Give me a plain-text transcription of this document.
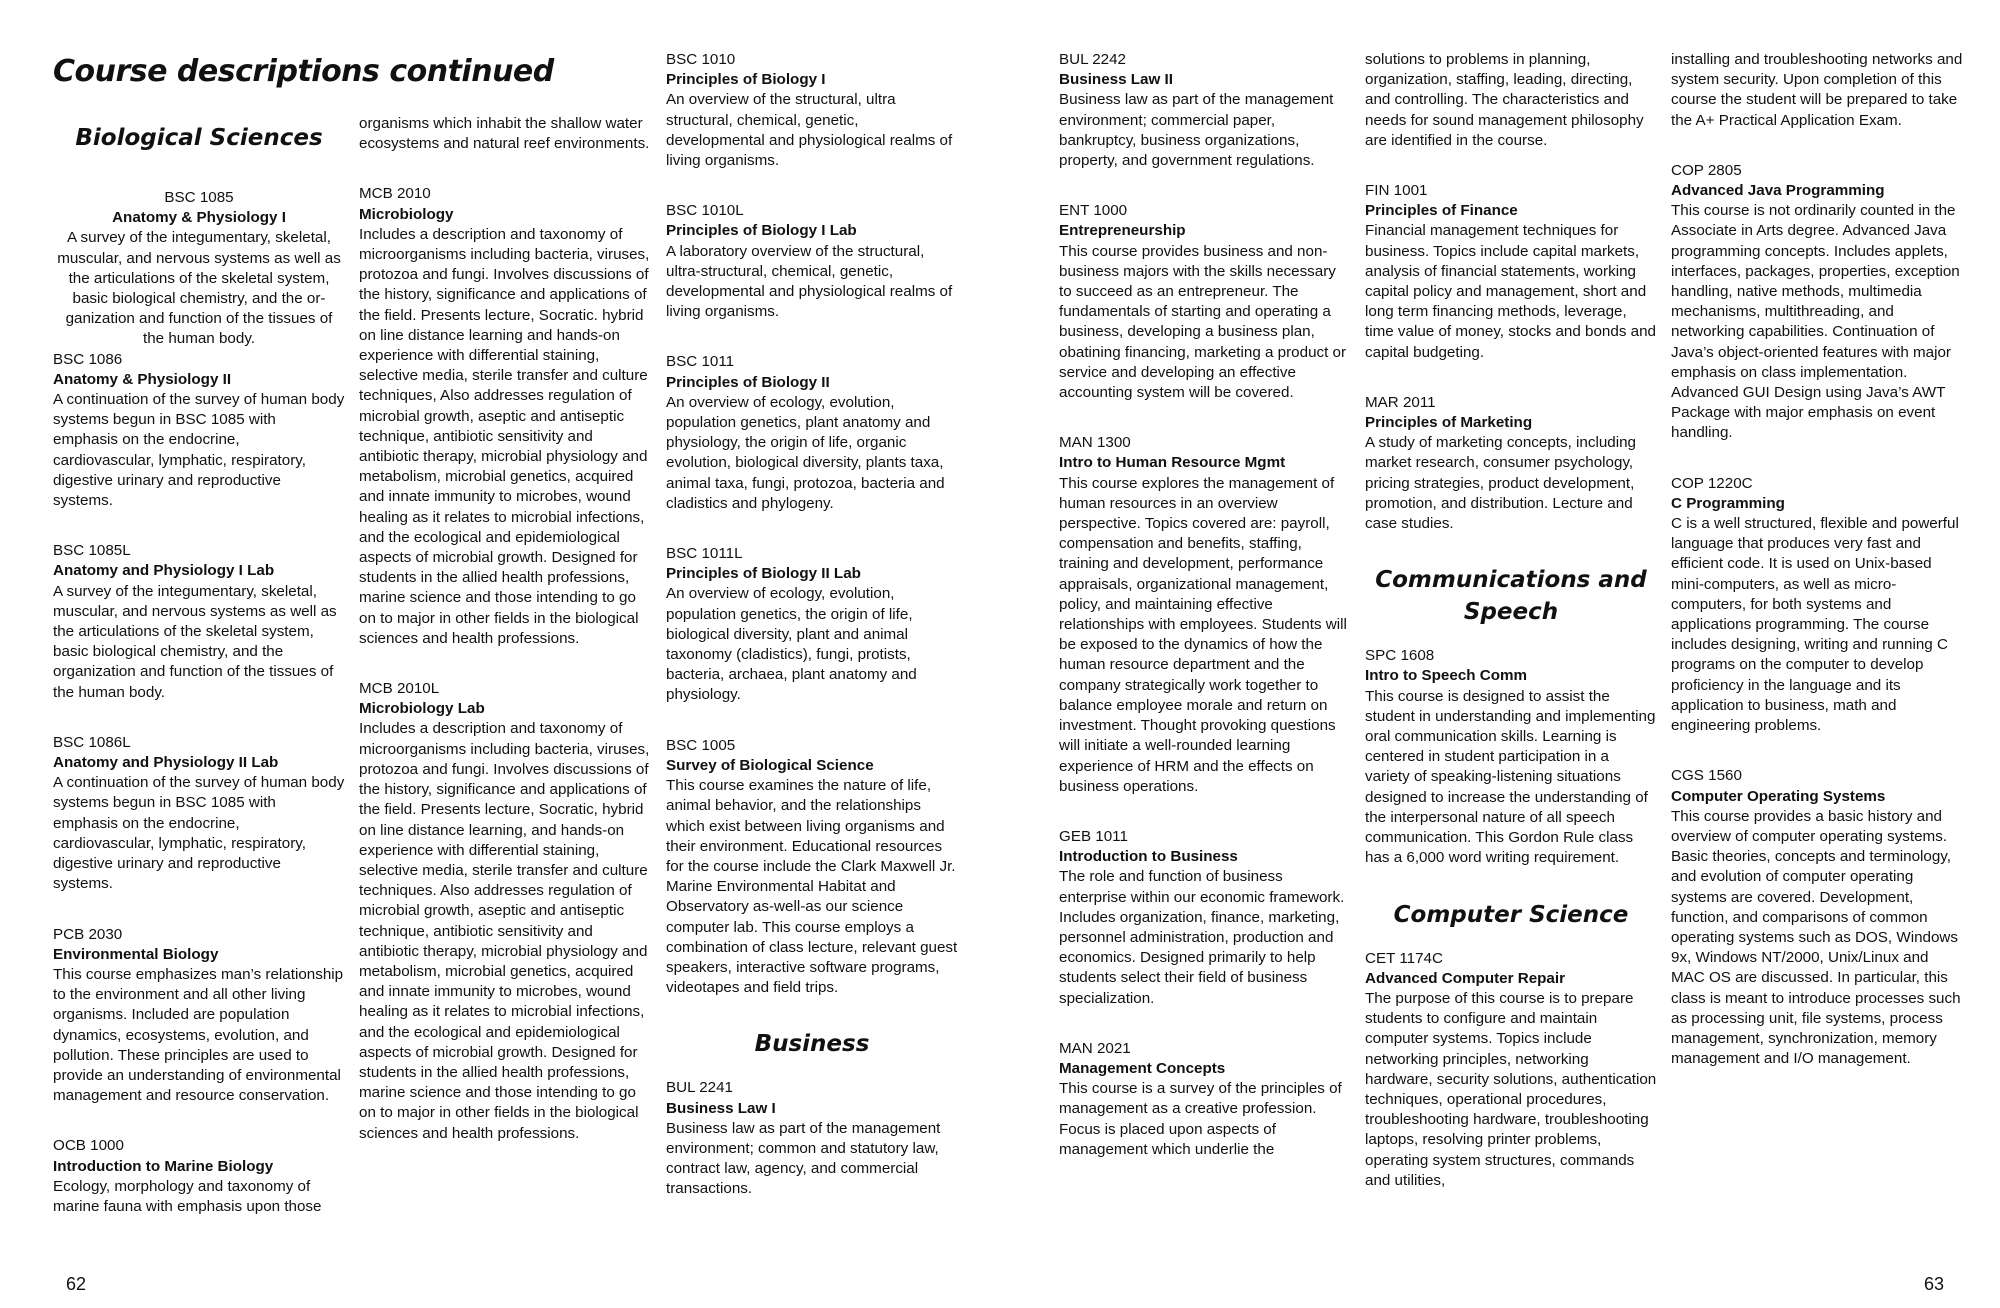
Course descriptions continued
Biological Sciences
BSC 1085
Anatomy & Physiology I
A survey of the integumentary, skeletal, muscular, and nervous systems as well as the articulations of the skeletal system, basic biological chemistry, and the or-ganization and function of the tissues of the human body.
BSC 1086
Anatomy & Physiology II
A continuation of the survey of human body systems begun in BSC 1085 with emphasis on the endocrine, cardiovascular, lymphatic, respiratory, digestive urinary and reproductive systems.
BSC 1085L
Anatomy and Physiology I Lab
A survey of the integumentary, skeletal, muscular, and nervous systems as well as the articulations of the skeletal system, basic biological chemistry, and the organization and function of the tissues of the human body.
BSC 1086L
Anatomy and Physiology II Lab
A continuation of the survey of human body systems begun in BSC 1085 with emphasis on the endocrine, cardiovascular, lymphatic, respiratory, digestive urinary and reproductive systems.
PCB 2030
Environmental Biology
This course emphasizes man’s relationship to the environment and all other living organisms. Included are population dynamics, ecosystems, evolution, and pollution. These principles are used to provide an understanding of environmental management and resource conservation.
OCB 1000
Introduction to Marine Biology
Ecology, morphology and taxonomy of marine fauna with emphasis upon those
organisms which inhabit the shallow water ecosystems and natural reef environments.
MCB 2010
Microbiology
Includes a description and taxonomy of microorganisms including bacteria, viruses, protozoa and fungi. Involves discussions of the history, significance and applications of the field. Presents lecture, Socratic. hybrid on line distance learning and hands-on experience with differential staining, selective media, sterile transfer and culture techniques, Also addresses regulation of microbial growth, aseptic and antiseptic technique, antibiotic sensitivity and antibiotic therapy, microbial physiology and metabolism, microbial genetics, acquired and innate immunity to microbes, wound healing as it relates to microbial infections, and the ecological and epidemiological aspects of microbial growth. Designed for students in the allied health professions, marine science and those intending to go on to major in other fields in the biological sciences and health professions.
MCB 2010L
Microbiology Lab
Includes a description and taxonomy of microorganisms including bacteria, viruses, protozoa and fungi. Involves discussions of the history, significance and applications of the field. Presents lecture, Socratic, hybrid on line distance learning, and hands-on experience with differential staining, selective media, sterile transfer and culture techniques. Also addresses regulation of microbial growth, aseptic and antiseptic technique, antibiotic sensitivity and antibiotic therapy, microbial physiology and metabolism, microbial genetics, acquired and innate immunity to microbes, wound healing as it relates to microbial infections, and the ecological and epidemiological aspects of microbial growth. Designed for students in the allied health professions, marine science and those intending to go on to major in other fields in the biological sciences and health professions.
BSC 1010
Principles of Biology I
An overview of the structural, ultra structural, chemical, genetic, developmental and physiological realms of living organisms.
BSC 1010L
Principles of Biology I Lab
A laboratory overview of the structural, ultra-structural, chemical, genetic, developmental and physiological realms of living organisms.
BSC 1011
Principles of Biology II
An overview of ecology, evolution, population genetics, plant anatomy and physiology, the origin of life, organic evolution, biological diversity, plants taxa, animal taxa, fungi, protozoa, bacteria and cladistics and phylogeny.
BSC 1011L
Principles of Biology II Lab
An overview of ecology, evolution, population genetics, the origin of life, biological diversity, plant and animal taxonomy (cladistics), fungi, protists, bacteria, archaea, plant anatomy and physiology.
BSC 1005
Survey of Biological Science
This course examines the nature of life, animal behavior, and the relationships which exist between living organisms and their environment. Educational resources for the course include the Clark Maxwell Jr. Marine Environmental Habitat and Observatory as-well-as our science computer lab. This course employs a combination of class lecture, relevant guest speakers, interactive software programs, videotapes and field trips.
Business
BUL 2241
Business Law I
Business law as part of the management environment; common and statutory law, contract law, agency, and commercial transactions.
BUL 2242
Business Law II
Business law as part of the management environment; commercial paper, bankruptcy, business organizations, property, and government regulations.
ENT 1000
Entrepreneurship
This course provides business and non-business majors with the skills necessary to succeed as an entrepreneur. The fundamentals of starting and operating a business, developing a business plan, obatining financing, marketing a product or service and developing an effective accounting system will be covered.
MAN 1300
Intro to Human Resource Mgmt
This course explores the management of human resources in an overview perspective. Topics covered are: payroll, compensation and benefits, staffing, training and development, performance appraisals, organizational management, policy, and maintaining effective relationships with employees. Students will be exposed to the dynamics of how the human resource department and the company strategically work together to balance employee morale and return on investment. Thought provoking questions will initiate a well-rounded learning experience of HRM and the effects on business operations.
GEB 1011
Introduction to Business
The role and function of business enterprise within our economic framework. Includes organization, finance, marketing, personnel administration, production and economics. Designed primarily to help students select their field of business specialization.
MAN 2021
Management Concepts
This course is a survey of the principles of management as a creative profession. Focus is placed upon aspects of management which underlie the
solutions to problems in planning, organization, staffing, leading, directing, and controlling. The characteristics and needs for sound management philosophy are identified in the course.
FIN 1001
Principles of Finance
Financial management techniques for business. Topics include capital markets, analysis of financial statements, working capital policy and management, short and long term financing methods, leverage, time value of money, stocks and bonds and capital budgeting.
MAR 2011
Principles of Marketing
A study of marketing concepts, including market research, consumer psychology, pricing strategies, product development, promotion, and distribution. Lecture and case studies.
Communications and Speech
SPC 1608
Intro to Speech Comm
This course is designed to assist the student in understanding and implementing oral communication skills. Learning is centered in student participation in a variety of speaking-listening situations designed to increase the understanding of the interpersonal nature of all speech communication. This Gordon Rule class has a 6,000 word writing requirement.
Computer Science
CET 1174C
Advanced Computer Repair
The purpose of this course is to prepare students to configure and maintain computer systems. Topics include networking principles, networking hardware, security solutions, authentication techniques, operational procedures, troubleshooting hardware, troubleshooting laptops, resolving printer problems, operating system structures, commands and utilities,
installing and troubleshooting networks and system security. Upon completion of this course the student will be prepared to take the A+ Practical Application Exam.
COP 2805
Advanced Java Programming
This course is not ordinarily counted in the Associate in Arts degree. Advanced Java programming concepts. Includes applets, interfaces, packages, properties, exception handling, native methods, multimedia mechanisms, multithreading, and networking capabilities. Continuation of Java’s object-oriented features with major emphasis on class implementation. Advanced GUI Design using Java’s AWT Package with major emphasis on event handling.
COP 1220C
C Programming
C is a well structured, flexible and powerful language that produces very fast and efficient code. It is used on Unix-based mini-computers, as well as micro-computers, for both systems and applications programming. The course includes designing, writing and running C programs on the computer to develop proficiency in the language and its application to business, math and engineering problems.
CGS 1560
Computer Operating Systems
This course provides a basic history and overview of computer operating systems. Basic theories, concepts and terminology, and evolution of computer operating systems are covered. Development, function, and comparisons of common operating systems such as DOS, Windows 9x, Windows NT/2000, Unix/Linux and MAC OS are discussed. In particular, this class is meant to introduce processes such as processing unit, file systems, process management, synchronization, memory management and I/O management.
62	63
